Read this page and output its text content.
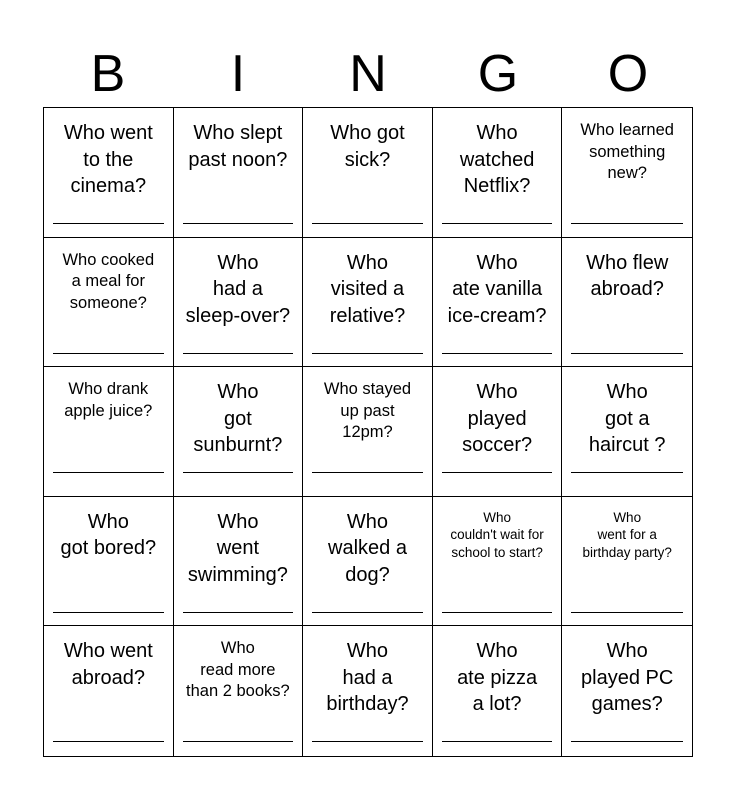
B	I	N	G	O
Who went
to the
cinema?
Who slept
past noon?
Who got
sick?
Who
watched
Netflix?
Who learned
something
new?
Who cooked
a meal for
someone?
Who
had a
sleep-over?
Who
visited a
relative?
Who
ate vanilla
ice-cream?
Who flew
abroad?
Who drank
apple juice?
Who
got
sunburnt?
Who stayed
up past
12pm?
Who
played
soccer?
Who
got a
haircut ?
Who
got bored?
Who
went
swimming?
Who
walked a
dog?
Who
couldn't wait for
school to start?
Who
went for a
birthday party?
Who went
abroad?
Who
read more
than 2 books?
Who
had a
birthday?
Who
ate pizza
a lot?
Who
played PC
games?
